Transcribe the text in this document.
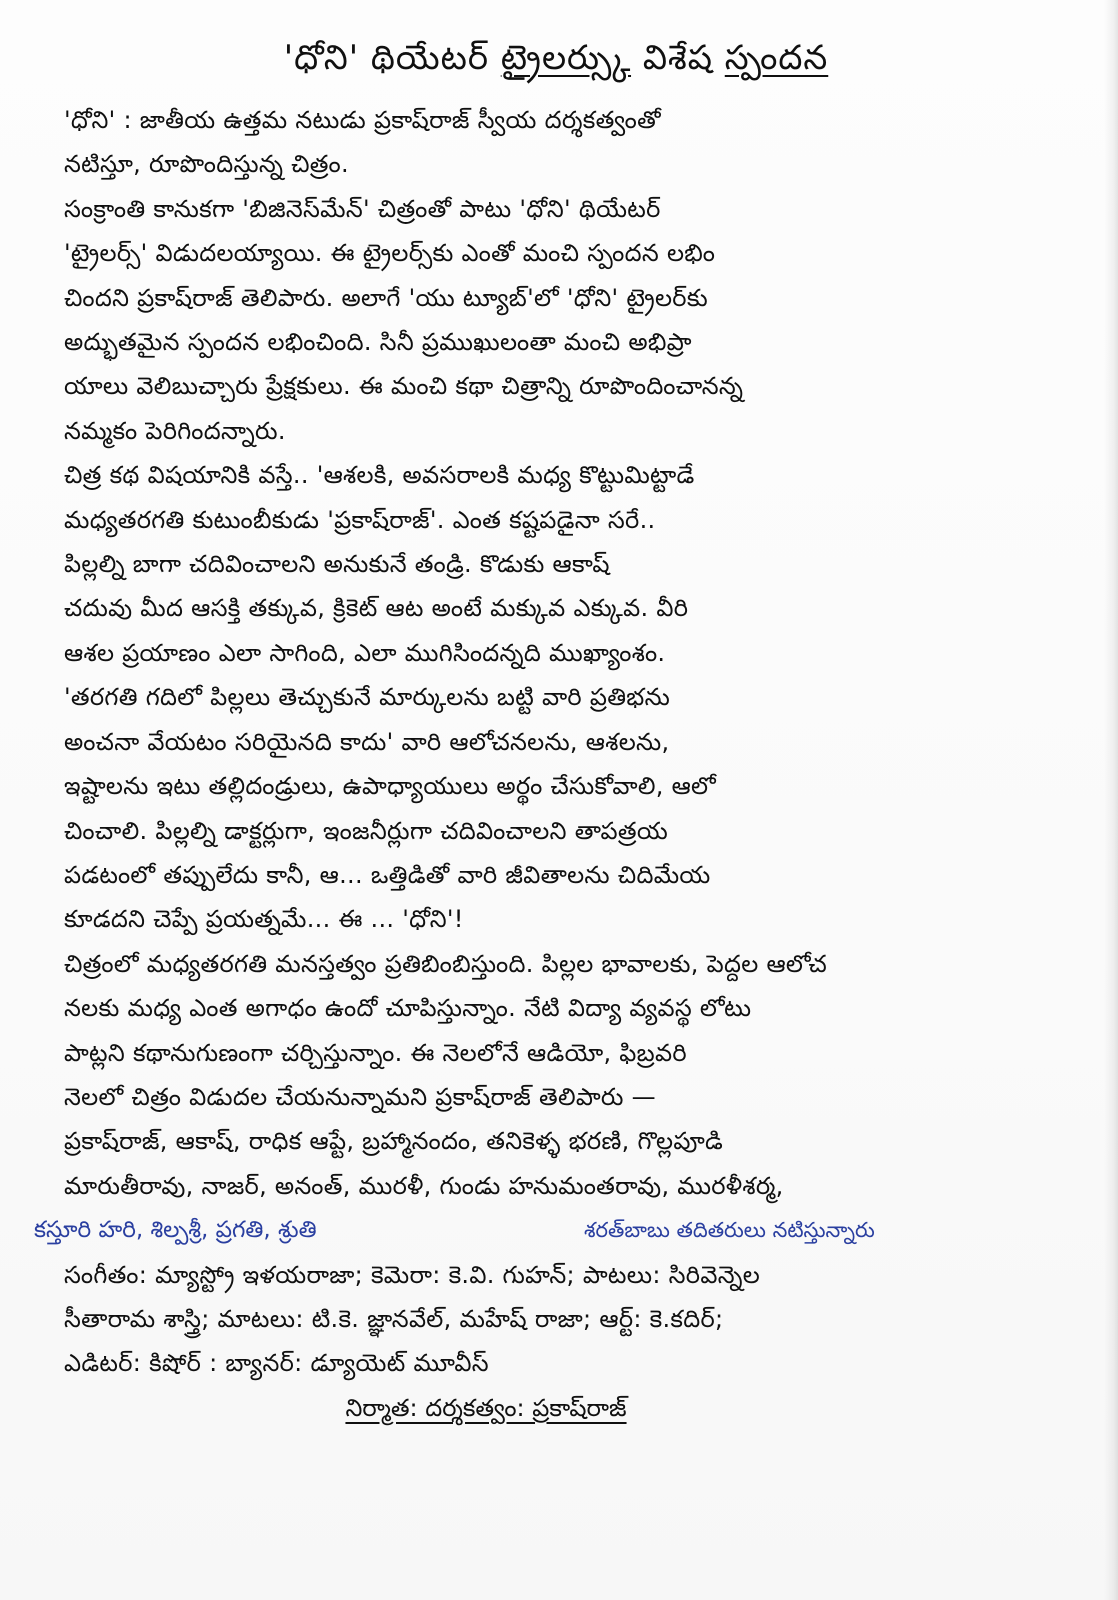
'ధోని' థియేటర్ ట్రైలర్స్కు విశేష స్పందన
'ధోని' : జాతీయ ఉత్తమ నటుడు ప్రకాష్‌రాజ్ స్వీయ దర్శకత్వంతో
నటిస్తూ, రూపొందిస్తున్న చిత్రం.
సంక్రాంతి కానుకగా 'బిజినెస్‌మేన్' చిత్రంతో పాటు 'ధోని' థియేటర్
'ట్రైలర్స్' విడుదలయ్యాయి. ఈ ట్రైలర్స్‌కు ఎంతో మంచి స్పందన లభిం
చిందని ప్రకాష్‌రాజ్ తెలిపారు. అలాగే 'యు ట్యూబ్'లో 'ధోని' ట్రైలర్‌కు
అద్భుతమైన స్పందన లభించింది. సినీ ప్రముఖులంతా మంచి అభిప్రా
యాలు వెలిబుచ్చారు ప్రేక్షకులు. ఈ మంచి కథా చిత్రాన్ని రూపొందించానన్న
నమ్మకం పెరిగిందన్నారు.
చిత్ర కథ విషయానికి వస్తే.. 'ఆశలకి, అవసరాలకి మధ్య కొట్టుమిట్టాడే
మధ్యతరగతి కుటుంబీకుడు 'ప్రకాష్‌రాజ్'. ఎంత కష్టపడైనా సరే..
పిల్లల్ని బాగా చదివించాలని అనుకునే తండ్రి. కొడుకు ఆకాష్
చదువు మీద ఆసక్తి తక్కువ, క్రికెట్ ఆట అంటే మక్కువ ఎక్కువ. వీరి
ఆశల ప్రయాణం ఎలా సాగింది, ఎలా ముగిసిందన్నది ముఖ్యాంశం.
'తరగతి గదిలో పిల్లలు తెచ్చుకునే మార్కులను బట్టి వారి ప్రతిభను
అంచనా వేయటం సరియైనది కాదు' వారి ఆలోచనలను, ఆశలను,
ఇష్టాలను ఇటు తల్లిదండ్రులు, ఉపాధ్యాయులు అర్థం చేసుకోవాలి, ఆలో
చించాలి. పిల్లల్ని డాక్టర్లుగా, ఇంజనీర్లుగా చదివించాలని తాపత్రయ
పడటంలో తప్పులేదు కానీ, ఆ... ఒత్తిడితో వారి జీవితాలను చిదిమేయ
కూడదని చెప్పే ప్రయత్నమే... ఈ ... 'ధోని'!
చిత్రంలో మధ్యతరగతి మనస్తత్వం ప్రతిబింబిస్తుంది. పిల్లల భావాలకు, పెద్దల ఆలోచ
నలకు మధ్య ఎంత అగాధం ఉందో చూపిస్తున్నాం. నేటి విద్యా వ్యవస్థ లోటు
పాట్లని కథానుగుణంగా చర్చిస్తున్నాం. ఈ నెలలోనే ఆడియో, ఫిబ్రవరి
నెలలో చిత్రం విడుదల చేయనున్నామని ప్రకాష్‌రాజ్ తెలిపారు —
ప్రకాష్‌రాజ్, ఆకాష్, రాధిక ఆప్టే, బ్రహ్మానందం, తనికెళ్ళ భరణి, గొల్లపూడి
మారుతీరావు, నాజర్, అనంత్, మురళీ, గుండు హనుమంతరావు, మురళీశర్మ,
కస్తూరి హరి, శిల్పశ్రీ, ప్రగతి, శ్రుతి	శరత్‌బాబు తదితరులు నటిస్తున్నారు
సంగీతం: మ్యాస్ట్రో ఇళయరాజా; కెమెరా: కె.వి. గుహన్; పాటలు: సిరివెన్నెల
సీతారామ శాస్త్రి; మాటలు: టి.కె. జ్ఞానవేల్, మహేష్ రాజా; ఆర్ట్: కె.కదిర్;
ఎడిటర్: కిషోర్ : బ్యానర్: డ్యూయెట్ మూవీస్
నిర్మాత: దర్శకత్వం: ప్రకాష్‌రాజ్
